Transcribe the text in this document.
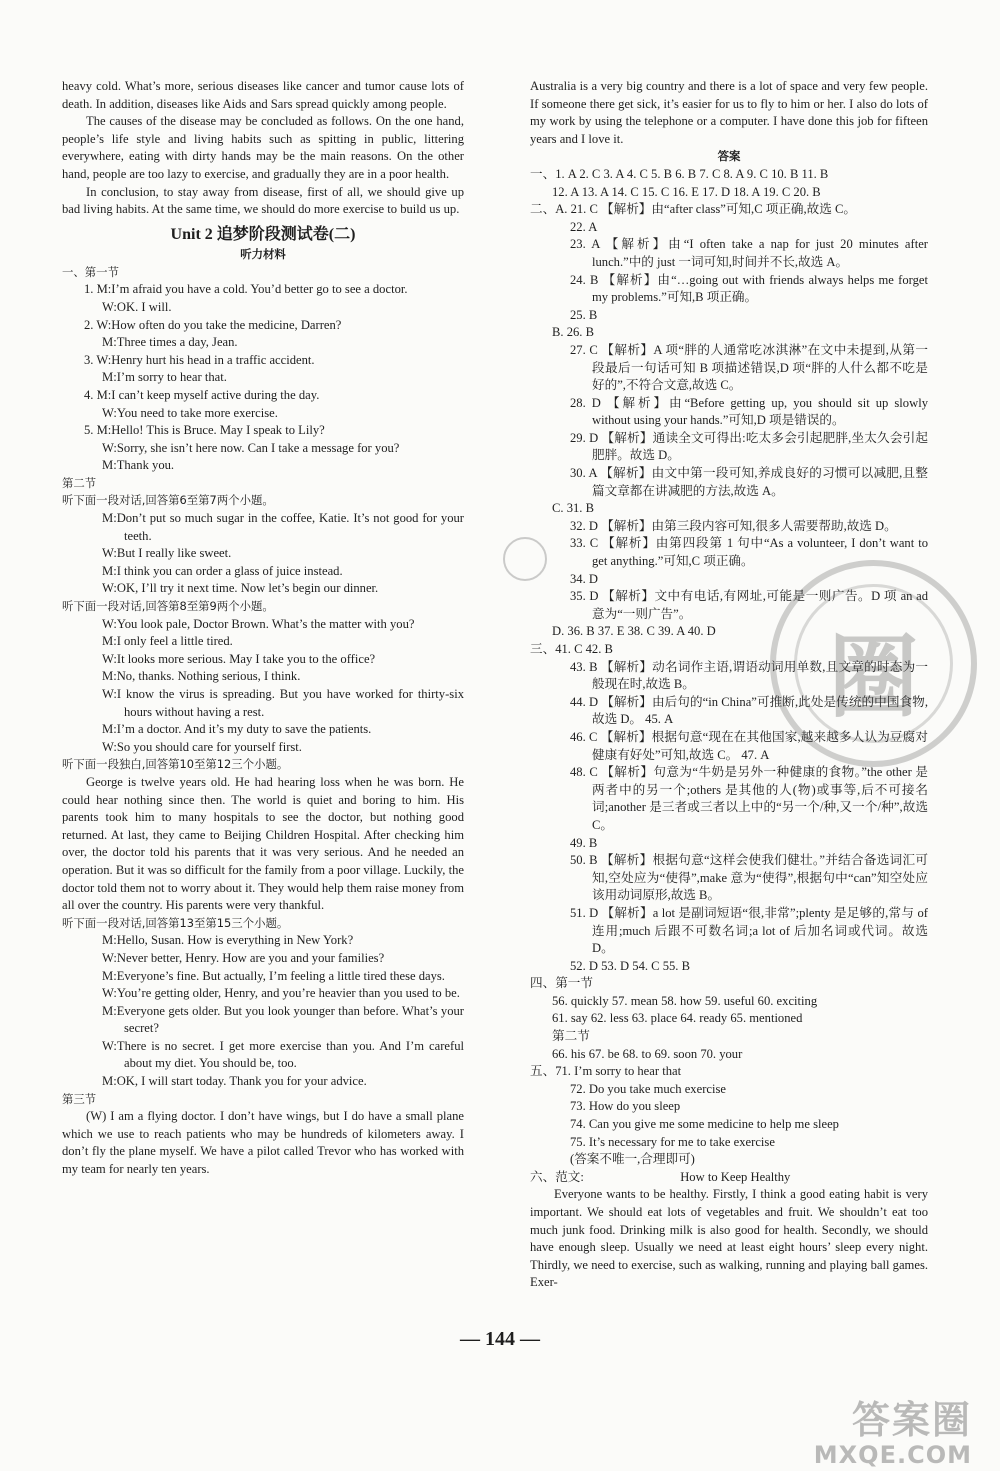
heavy cold. What’s more, serious diseases like cancer and tumor cause lots of death. In addition, diseases like Aids and Sars spread quickly among people.

The causes of the disease may be concluded as follows. On the one hand, people’s life style and living habits such as spitting in public, littering everywhere, eating with dirty hands may be the main reasons. On the other hand, people are too lazy to exercise, and gradually they are in a poor health.

In conclusion, to stay away from disease, first of all, we should give up bad living habits. At the same time, we should do more exercise to build us up.

Unit 2 追梦阶段测试卷(二)
听力材料

一、第一节

1. M:I’m afraid you have a cold. You’d better go to see a doctor.

W:OK. I will.

2. W:How often do you take the medicine, Darren?

M:Three times a day, Jean.

3. W:Henry hurt his head in a traffic accident.

M:I’m sorry to hear that.

4. M:I can’t keep myself active during the day.

W:You need to take more exercise.

5. M:Hello! This is Bruce. May I speak to Lily?

W:Sorry, she isn’t here now. Can I take a message for you?

M:Thank you.

第二节

听下面一段对话,回答第6至第7两个小题。

M:Don’t put so much sugar in the coffee, Katie. It’s not good for your teeth.

W:But I really like sweet.

M:I think you can order a glass of juice instead.

W:OK, I’ll try it next time. Now let’s begin our dinner.

听下面一段对话,回答第8至第9两个小题。

W:You look pale, Doctor Brown. What’s the matter with you?

M:I only feel a little tired.

W:It looks more serious. May I take you to the office?

M:No, thanks. Nothing serious, I think.

W:I know the virus is spreading. But you have worked for thirty-six hours without having a rest.

M:I’m a doctor. And it’s my duty to save the patients.

W:So you should care for yourself first.

听下面一段独白,回答第10至第12三个小题。

George is twelve years old. He had hearing loss when he was born. He could hear nothing since then. The world is quiet and boring to him. His parents took him to many hospitals to see the doctor, but nothing good returned. At last, they came to Beijing Children Hospital. After checking him over, the doctor told his parents that it was very serious. And he needed an operation. But it was so difficult for the family from a poor village. Luckily, the doctor told them not to worry about it. They would help them raise money from all over the country. His parents were very thankful.

听下面一段对话,回答第13至第15三个小题。

M:Hello, Susan. How is everything in New York?

W:Never better, Henry. How are you and your families?

M:Everyone’s fine. But actually, I’m feeling a little tired these days.

W:You’re getting older, Henry, and you’re heavier than you used to be.

M:Everyone gets older. But you look younger than before. What’s your secret?

W:There is no secret. I get more exercise than you. And I’m careful about my diet. You should be, too.

M:OK, I will start today. Thank you for your advice.

第三节

(W) I am a flying doctor. I don’t have wings, but I do have a small plane which we use to reach patients who may be hundreds of kilometers away. I don’t fly the plane myself. We have a pilot called Trevor who has worked with my team for nearly ten years.

Australia is a very big country and there is a lot of space and very few people. If someone there get sick, it’s easier for us to fly to him or her. I also do lots of my work by using the telephone or a computer. I have done this job for fifteen years and I love it.

答案

一、1. A 2. C 3. A 4. C 5. B 6. B 7. C 8. A 9. C 10. B 11. B

12. A 13. A 14. C 15. C 16. E 17. D 18. A 19. C 20. B

二、A. 21. C 【解析】由“after class”可知,C 项正确,故选 C。

22. A

23. A 【解析】由“I often take a nap for just 20 minutes after lunch.”中的 just 一词可知,时间并不长,故选 A。

24. B 【解析】由“…going out with friends always helps me forget my problems.”可知,B 项正确。

25. B

B. 26. B

27. C 【解析】A 项“胖的人通常吃冰淇淋”在文中未提到,从第一段最后一句话可知 B 项描述错误,D 项“胖的人什么都不吃是好的”,不符合文意,故选 C。

28. D 【解析】由“Before getting up, you should sit up slowly without using your hands.”可知,D 项是错误的。

29. D 【解析】通读全文可得出:吃太多会引起肥胖,坐太久会引起肥胖。故选 D。

30. A 【解析】由文中第一段可知,养成良好的习惯可以减肥,且整篇文章都在讲减肥的方法,故选 A。

C. 31. B

32. D 【解析】由第三段内容可知,很多人需要帮助,故选 D。

33. C 【解析】由第四段第 1 句中“As a volunteer, I don’t want to get anything.”可知,C 项正确。

34. D

35. D 【解析】文中有电话,有网址,可能是一则广告。D 项 an ad 意为“一则广告”。

D. 36. B 37. E 38. C 39. A 40. D

三、41. C 42. B

43. B 【解析】动名词作主语,谓语动词用单数,且文章的时态为一般现在时,故选 B。

44. D 【解析】由后句的“in China”可推断,此处是传统的中国食物,故选 D。 45. A

46. C 【解析】根据句意“现在在其他国家,越来越多人认为豆腐对健康有好处”可知,故选 C。 47. A

48. C 【解析】句意为“牛奶是另外一种健康的食物。”the other 是两者中的另一个;others 是其他的人(物)或事等,后不可接名词;another 是三者或三者以上中的“另一个/种,又一个/种”,故选 C。

49. B

50. B 【解析】根据句意“这样会使我们健壮。”并结合备选词汇可知,空处应为“使得”,make 意为“使得”,根据句中“can”知空处应该用动词原形,故选 B。

51. D 【解析】a lot 是副词短语“很,非常”;plenty 是足够的,常与 of 连用;much 后跟不可数名词;a lot of 后加名词或代词。故选 D。

52. D 53. D 54. C 55. B

四、第一节

56. quickly 57. mean 58. how 59. useful 60. exciting

61. say 62. less 63. place 64. ready 65. mentioned

第二节

66. his 67. be 68. to 69. soon 70. your

五、71. I’m sorry to hear that

72. Do you take much exercise

73. How do you sleep

74. Can you give me some medicine to help me sleep

75. It’s necessary for me to take exercise

(答案不唯一,合理即可)

六、范文:	How to Keep Healthy

Everyone wants to be healthy. Firstly, I think a good eating habit is very important. We should eat lots of vegetables and fruit. We shouldn’t eat too much junk food. Drinking milk is also good for health. Secondly, we should have enough sleep. Usually we need at least eight hours’ sleep every night. Thirdly, we need to exercise, such as walking, running and playing ball games. Exer-

圈
— 144 —
答案圈
MXQE.COM
